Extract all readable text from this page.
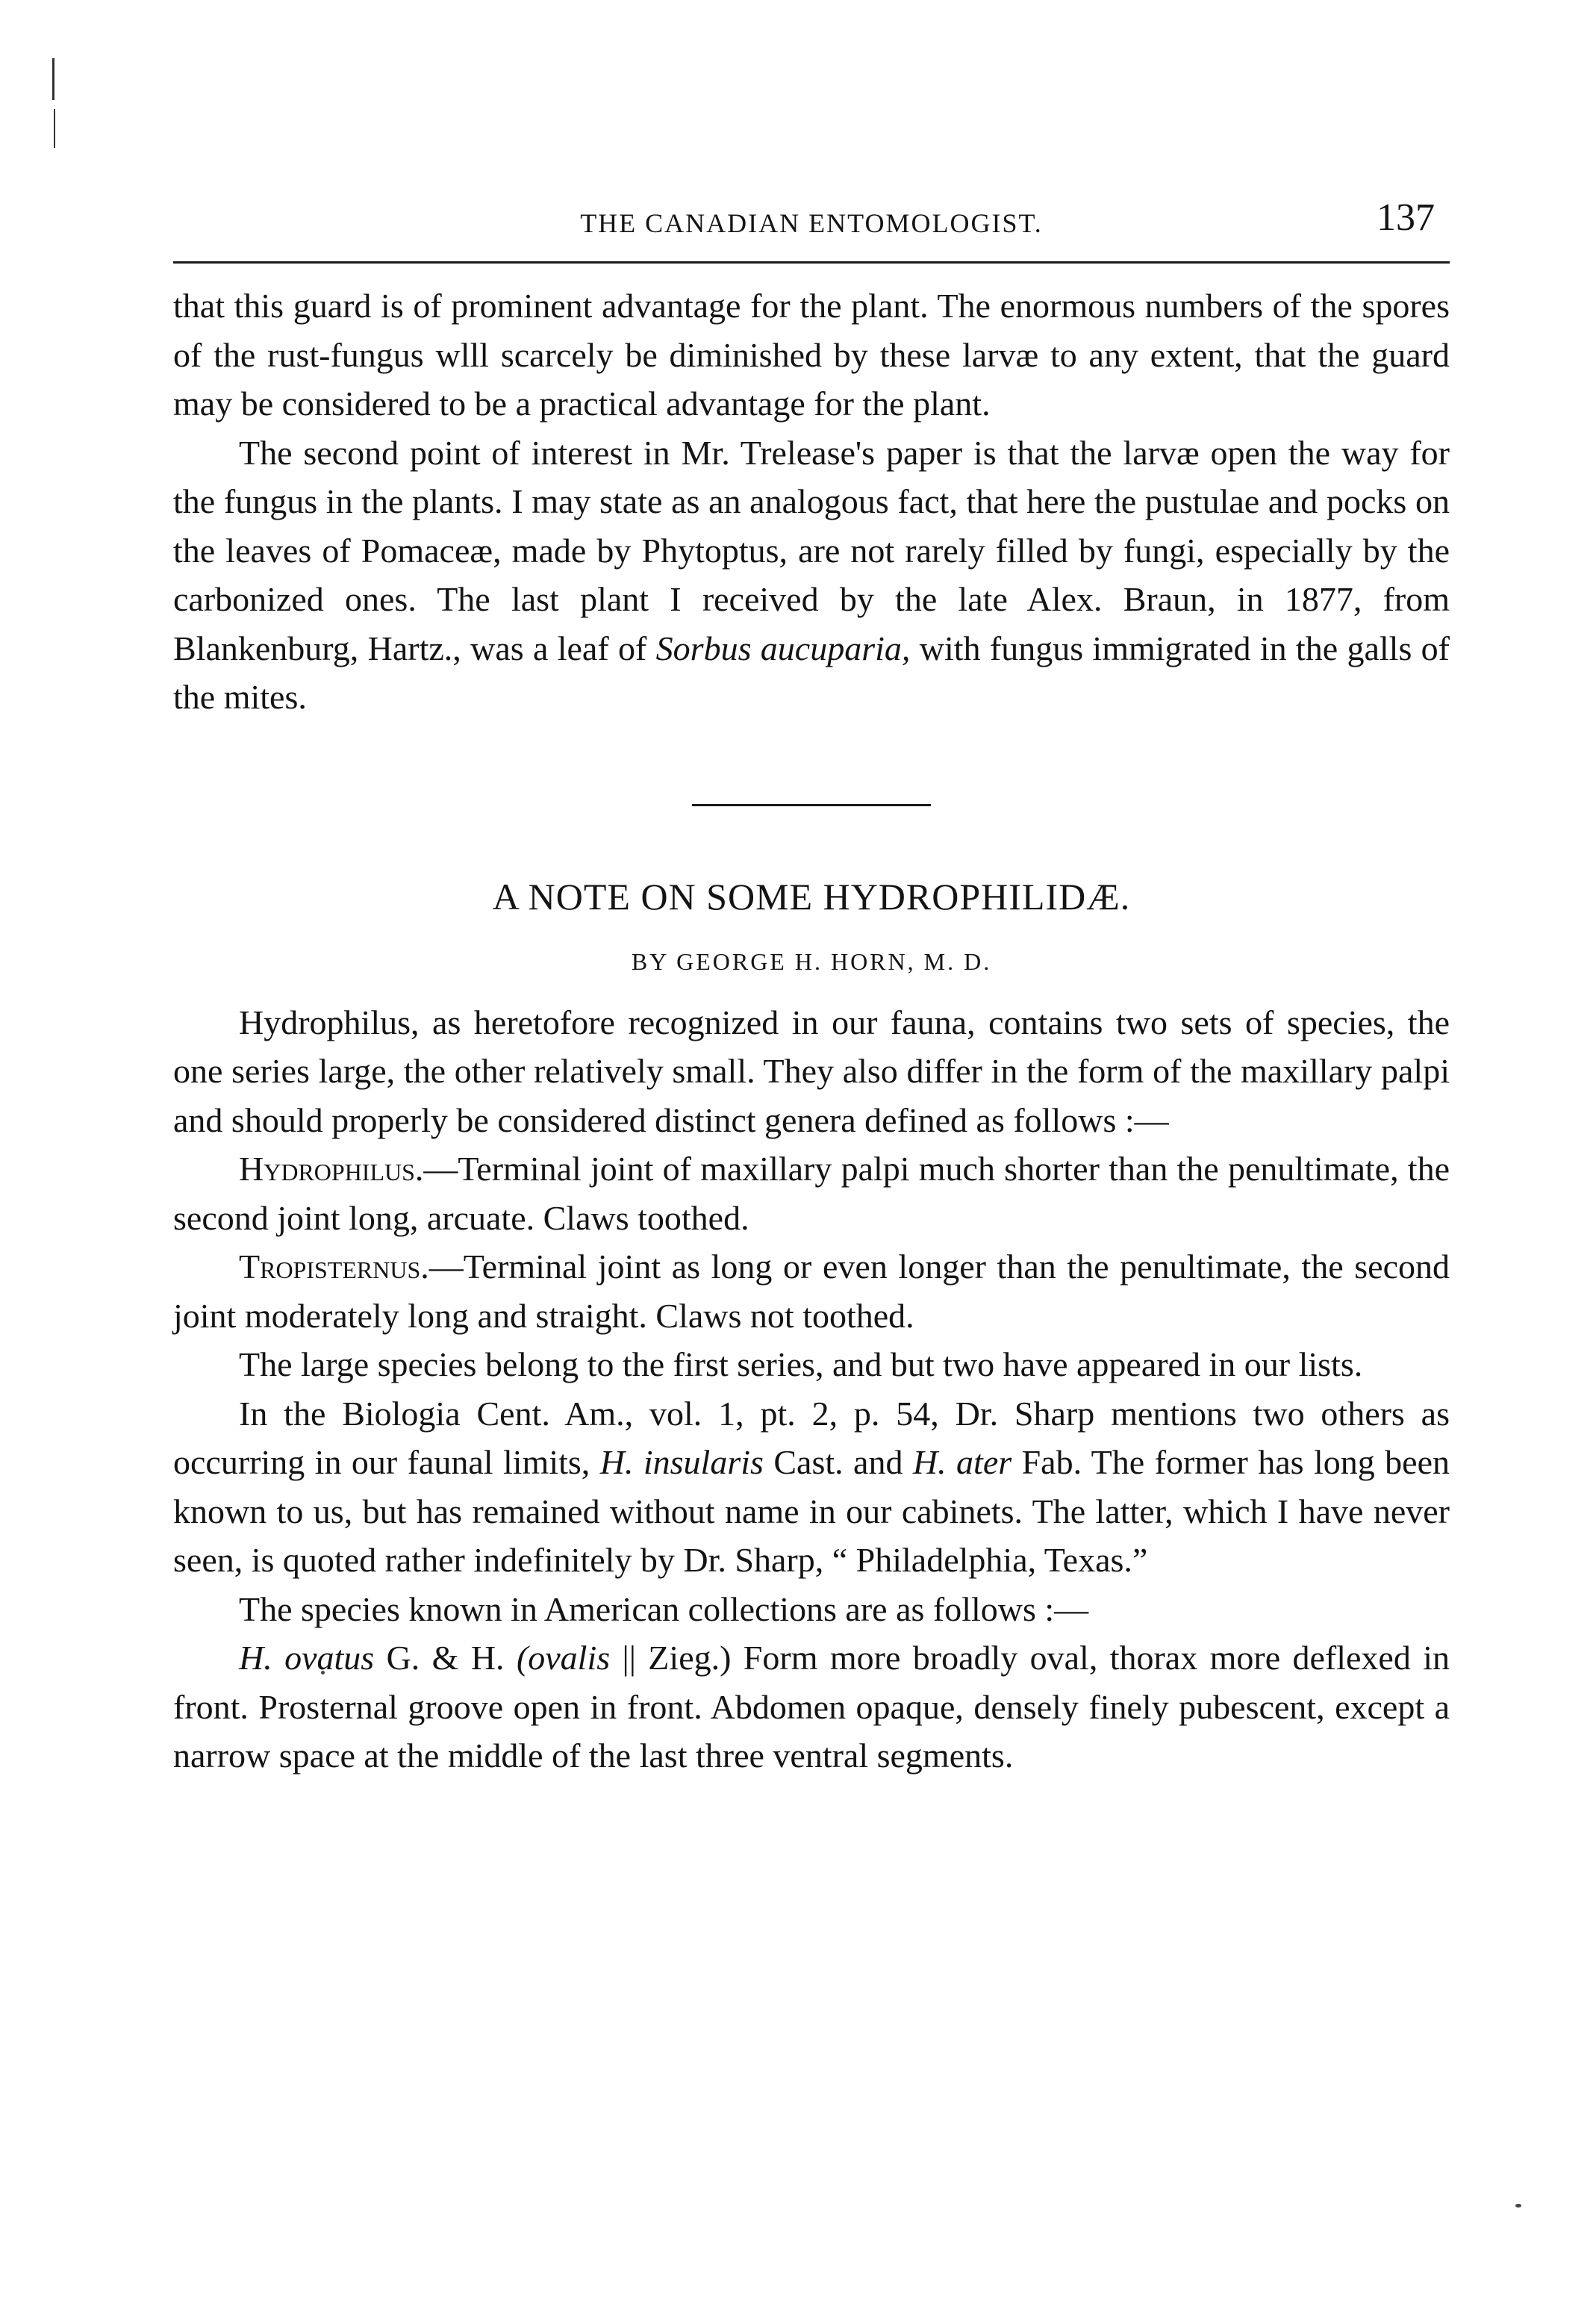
THE CANADIAN ENTOMOLOGIST.	137

that this guard is of prominent advantage for the plant. The enormous numbers of the spores of the rust-fungus wlll scarcely be diminished by these larvæ to any extent, that the guard may be considered to be a practical advantage for the plant.

The second point of interest in Mr. Trelease's paper is that the larvæ open the way for the fungus in the plants. I may state as an analogous fact, that here the pustulae and pocks on the leaves of Pomaceæ, made by Phytoptus, are not rarely filled by fungi, especially by the carbonized ones. The last plant I received by the late Alex. Braun, in 1877, from Blankenburg, Hartz., was a leaf of Sorbus aucuparia, with fungus immigrated in the galls of the mites.

A NOTE ON SOME HYDROPHILIDÆ.
BY GEORGE H. HORN, M. D.

Hydrophilus, as heretofore recognized in our fauna, contains two sets of species, the one series large, the other relatively small. They also differ in the form of the maxillary palpi and should properly be considered distinct genera defined as follows :—

Hydrophilus.—Terminal joint of maxillary palpi much shorter than the penultimate, the second joint long, arcuate. Claws toothed.

Tropisternus.—Terminal joint as long or even longer than the penultimate, the second joint moderately long and straight. Claws not toothed.

The large species belong to the first series, and but two have appeared in our lists.

In the Biologia Cent. Am., vol. 1, pt. 2, p. 54, Dr. Sharp mentions two others as occurring in our faunal limits, H. insularis Cast. and H. ater Fab. The former has long been known to us, but has remained without name in our cabinets. The latter, which I have never seen, is quoted rather indefinitely by Dr. Sharp, “ Philadelphia, Texas.”

The species known in American collections are as follows :—

H. ovatus G. & H. (ovalis || Zieg.) Form more broadly oval, thorax more deflexed in front. Prosternal groove open in front. Abdomen opaque, densely finely pubescent, except a narrow space at the middle of the last three ventral segments.
